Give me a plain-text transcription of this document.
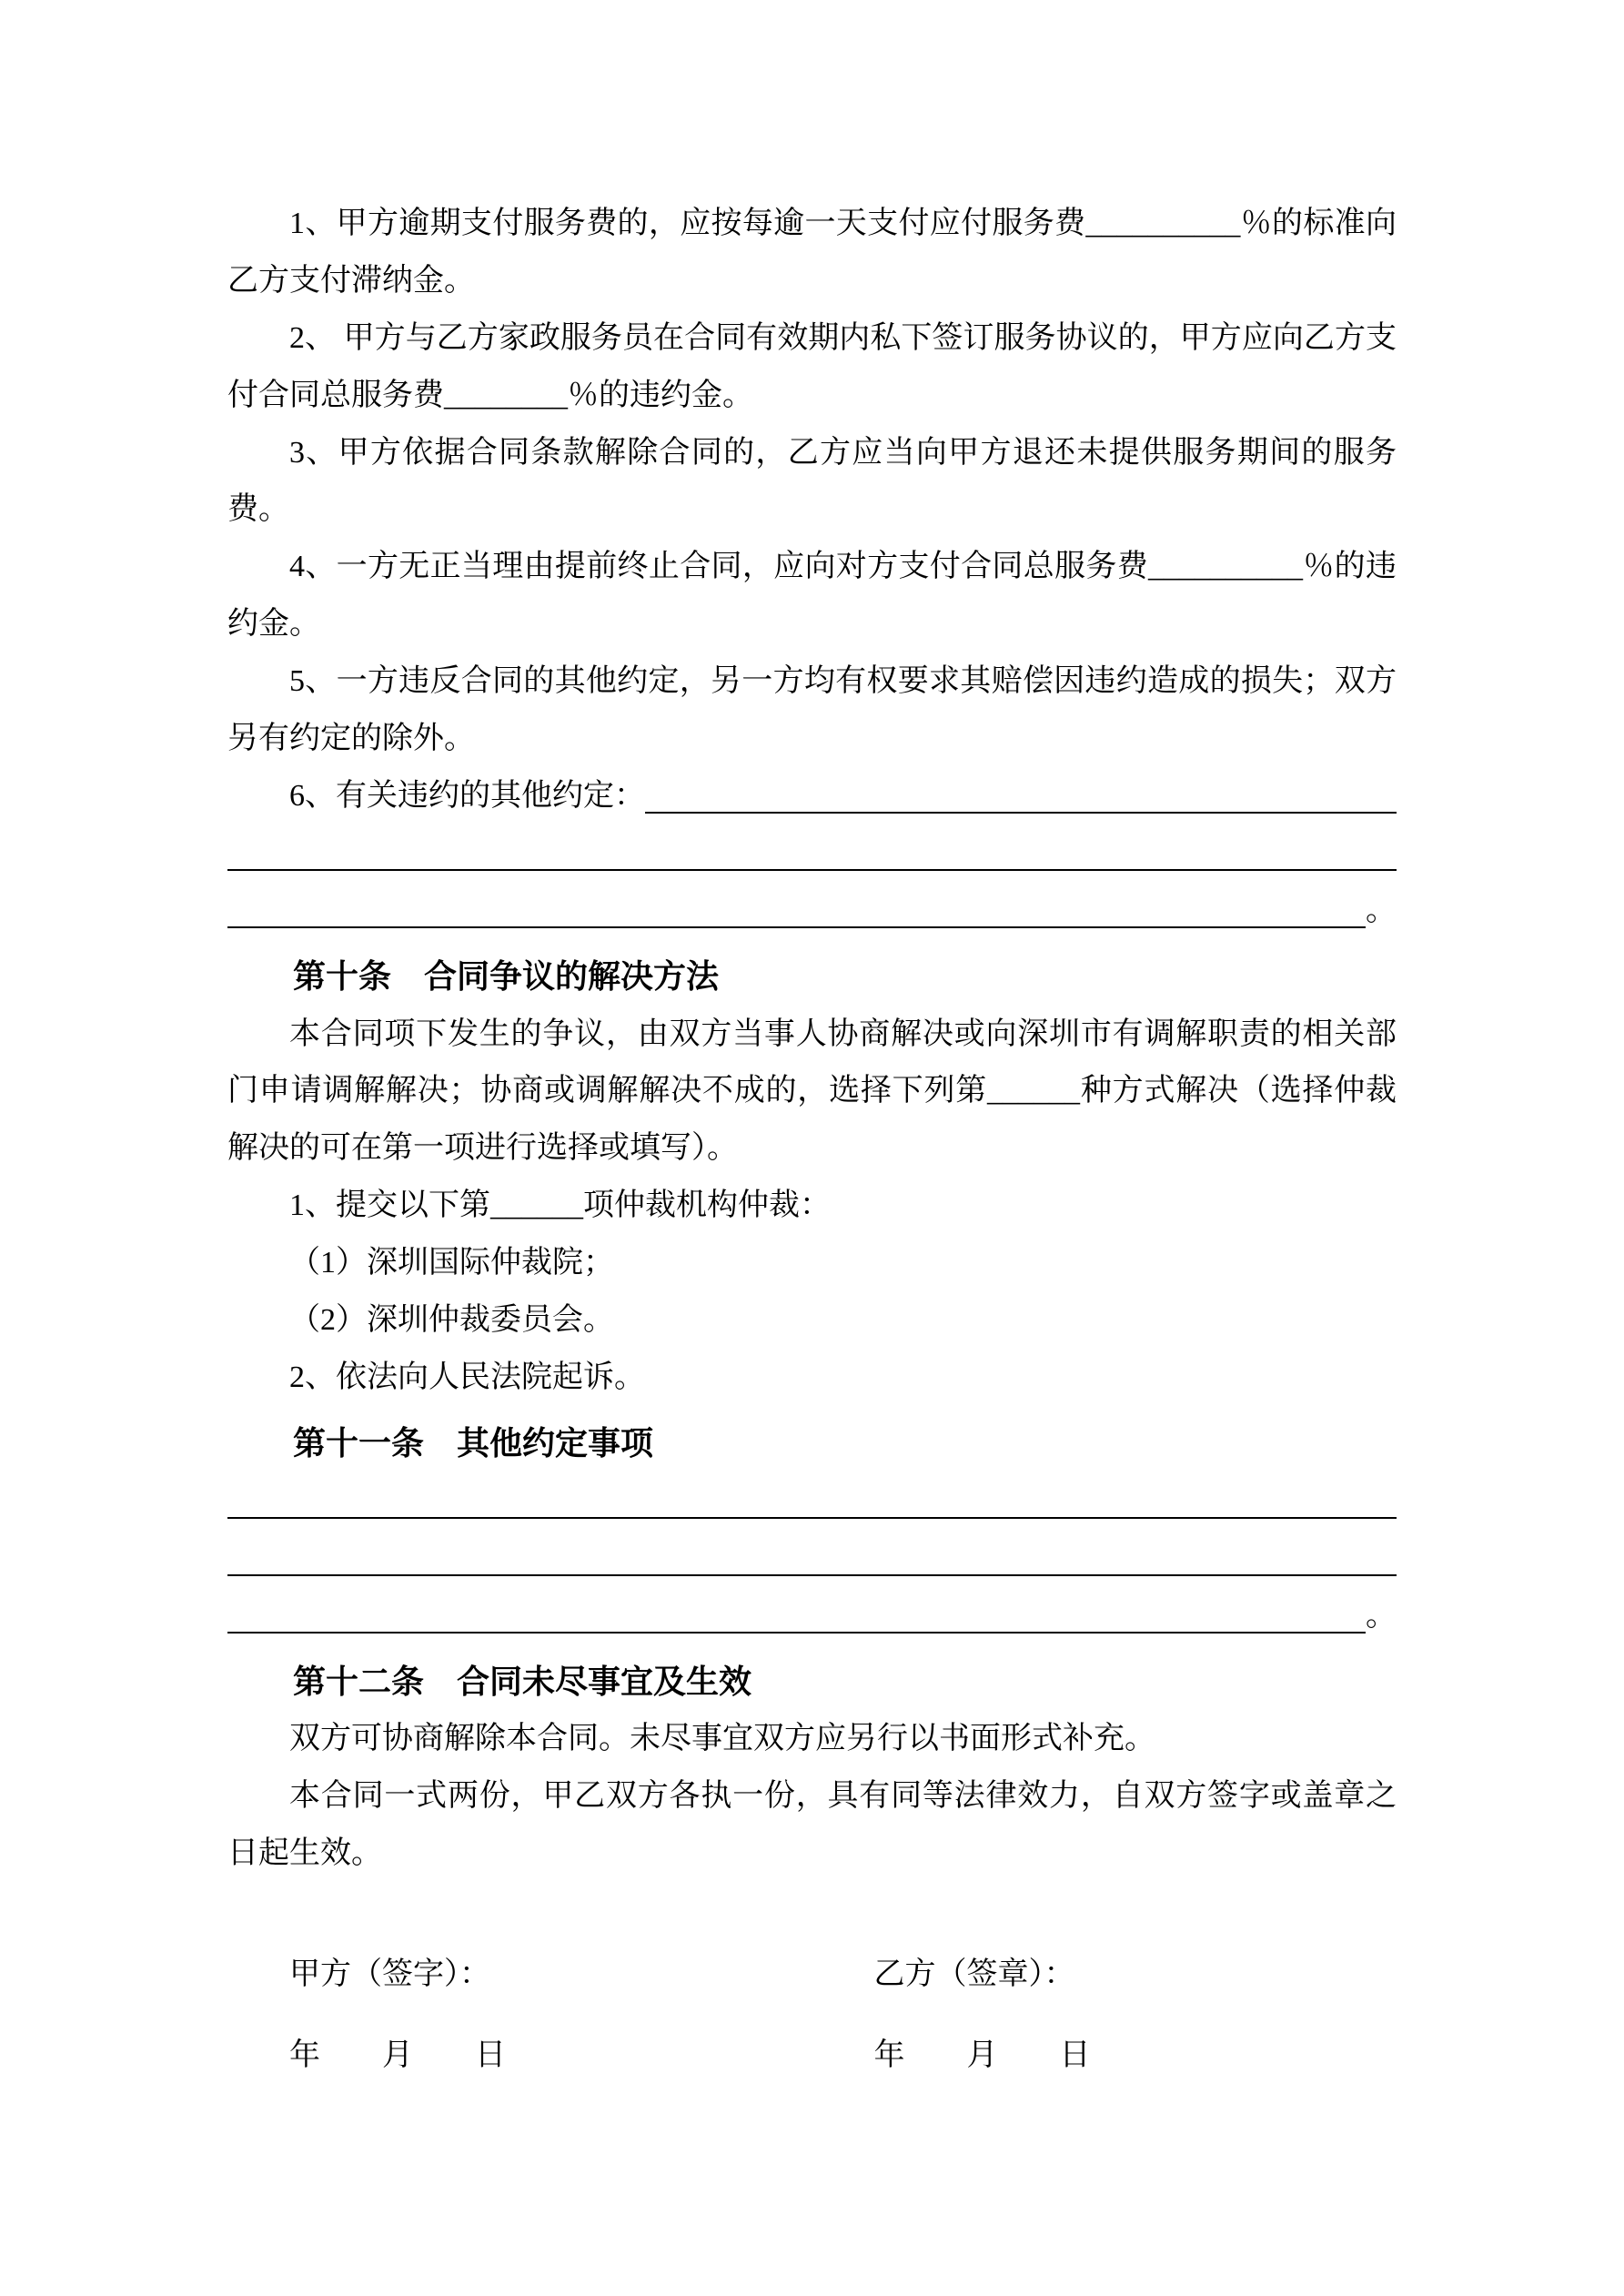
1、甲方逾期支付服务费的，应按每逾一天支付应付服务费__________％的标准向乙方支付滞纳金。

2、 甲方与乙方家政服务员在合同有效期内私下签订服务协议的，甲方应向乙方支付合同总服务费________％的违约金。

3、甲方依据合同条款解除合同的，乙方应当向甲方退还未提供服务期间的服务费。

4、一方无正当理由提前终止合同，应向对方支付合同总服务费__________％的违约金。

5、一方违反合同的其他约定，另一方均有权要求其赔偿因违约造成的损失；双方另有约定的除外。

6、有关违约的其他约定：
。
第十条　合同争议的解决方法

本合同项下发生的争议，由双方当事人协商解决或向深圳市有调解职责的相关部门申请调解解决；协商或调解解决不成的，选择下列第______种方式解决（选择仲裁解决的可在第一项进行选择或填写）。

1、提交以下第______项仲裁机构仲裁：

（1）深圳国际仲裁院；

（2）深圳仲裁委员会。

2、依法向人民法院起诉。

第十一条　其他约定事项
。
第十二条　合同未尽事宜及生效

双方可协商解除本合同。未尽事宜双方应另行以书面形式补充。

本合同一式两份，甲乙双方各执一份，具有同等法律效力，自双方签字或盖章之日起生效。

甲方（签字）：

年　　月　　日

乙方（签章）：

年　　月　　日
